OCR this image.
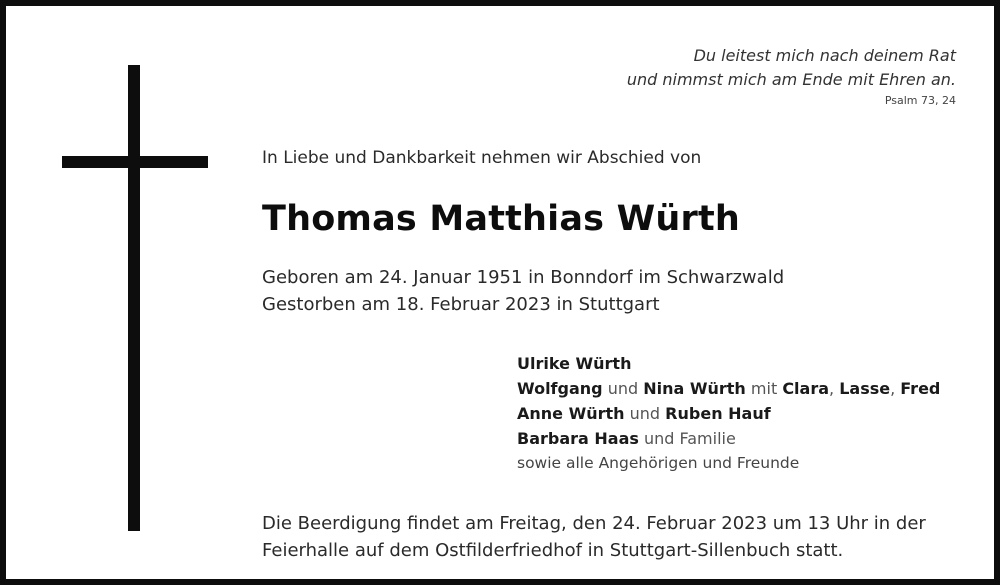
Du leitest mich nach deinem Rat
und nimmst mich am Ende mit Ehren an.
Psalm 73, 24
In Liebe und Dankbarkeit nehmen wir Abschied von
Thomas Matthias Würth
Geboren am 24. Januar 1951 in Bonndorf im Schwarzwald
Gestorben am 18. Februar 2023 in Stuttgart
Ulrike Würth
Wolfgang und Nina Würth mit Clara, Lasse, Fred
Anne Würth und Ruben Hauf
Barbara Haas und Familie
sowie alle Angehörigen und Freunde
Die Beerdigung findet am Freitag, den 24. Februar 2023 um 13 Uhr in der
Feierhalle auf dem Ostfilderfriedhof in Stuttgart-Sillenbuch statt.
